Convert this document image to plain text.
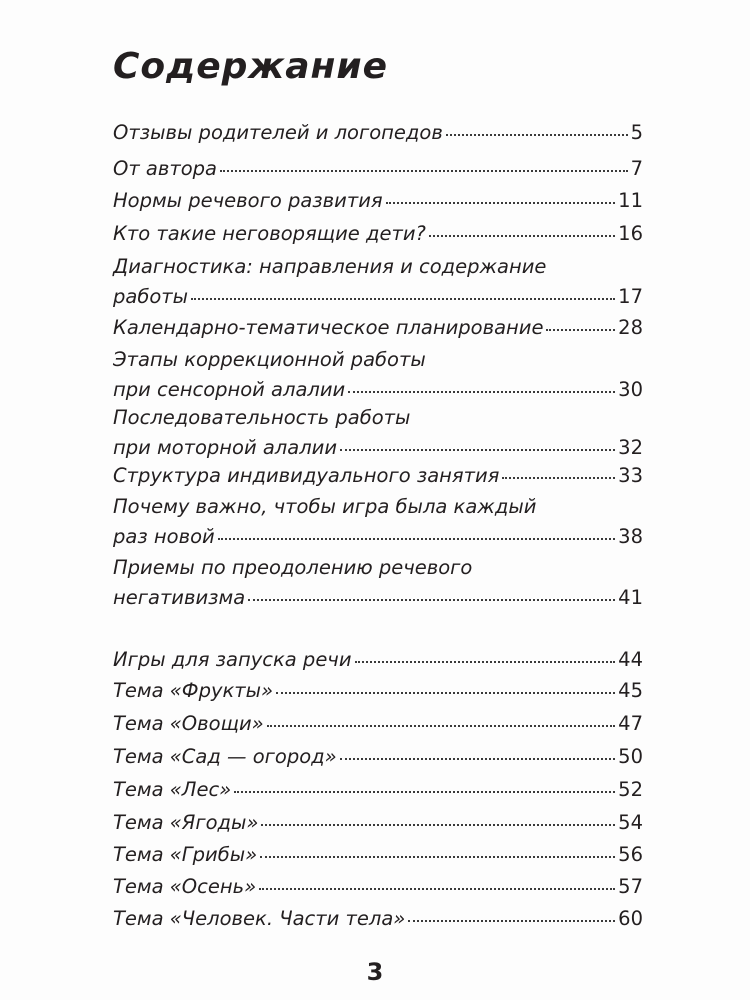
Содержание
Отзывы родителей и логопедов	5
От автора	7
Нормы речевого развития	11
Кто такие неговорящие дети?	16
Диагностика: направления и содержание
работы	17
Календарно-тематическое планирование	28
Этапы коррекционной работы
при сенсорной алалии	30
Последовательность работы
при моторной алалии	32
Структура индивидуального занятия	33
Почему важно, чтобы игра была каждый
раз новой	38
Приемы по преодолению речевого
негативизма	41
Игры для запуска речи	44
Тема «Фрукты»	45
Тема «Овощи»	47
Тема «Сад — огород»	50
Тема «Лес»	52
Тема «Ягоды»	54
Тема «Грибы»	56
Тема «Осень»	57
Тема «Человек. Части тела»	60
3
